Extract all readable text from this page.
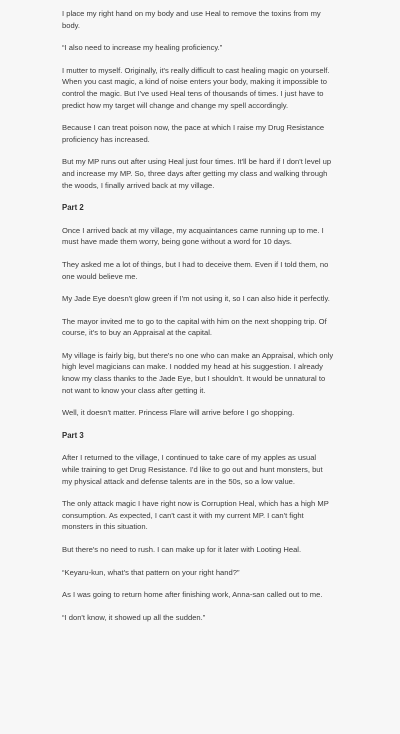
I place my right hand on my body and use Heal to remove the toxins from my body.

“I also need to increase my healing proficiency.”

I mutter to myself. Originally, it's really difficult to cast healing magic on yourself. When you cast magic, a kind of noise enters your body, making it impossible to control the magic. But I've used Heal tens of thousands of times. I just have to predict how my target will change and change my spell accordingly.

Because I can treat poison now, the pace at which I raise my Drug Resistance proficiency has increased.

But my MP runs out after using Heal just four times. It'll be hard if I don't level up and increase my MP. So, three days after getting my class and walking through the woods, I finally arrived back at my village.

Part 2

Once I arrived back at my village, my acquaintances came running up to me. I must have made them worry, being gone without a word for 10 days.

They asked me a lot of things, but I had to deceive them. Even if I told them, no one would believe me.

My Jade Eye doesn't glow green if I'm not using it, so I can also hide it perfectly.

The mayor invited me to go to the capital with him on the next shopping trip. Of course, it's to buy an Appraisal at the capital.

My village is fairly big, but there's no one who can make an Appraisal, which only high level magicians can make. I nodded my head at his suggestion. I already know my class thanks to the Jade Eye, but I shouldn't. It would be unnatural to not want to know your class after getting it.

Well, it doesn't matter. Princess Flare will arrive before I go shopping.

Part 3

After I returned to the village, I continued to take care of my apples as usual while training to get Drug Resistance. I'd like to go out and hunt monsters, but my physical attack and defense talents are in the 50s, so a low value.

The only attack magic I have right now is Corruption Heal, which has a high MP consumption. As expected, I can't cast it with my current MP. I can't fight monsters in this situation.

But there's no need to rush. I can make up for it later with Looting Heal.

“Keyaru-kun, what's that pattern on your right hand?”

As I was going to return home after finishing work, Anna-san called out to me.

“I don't know, it showed up all the sudden.”
